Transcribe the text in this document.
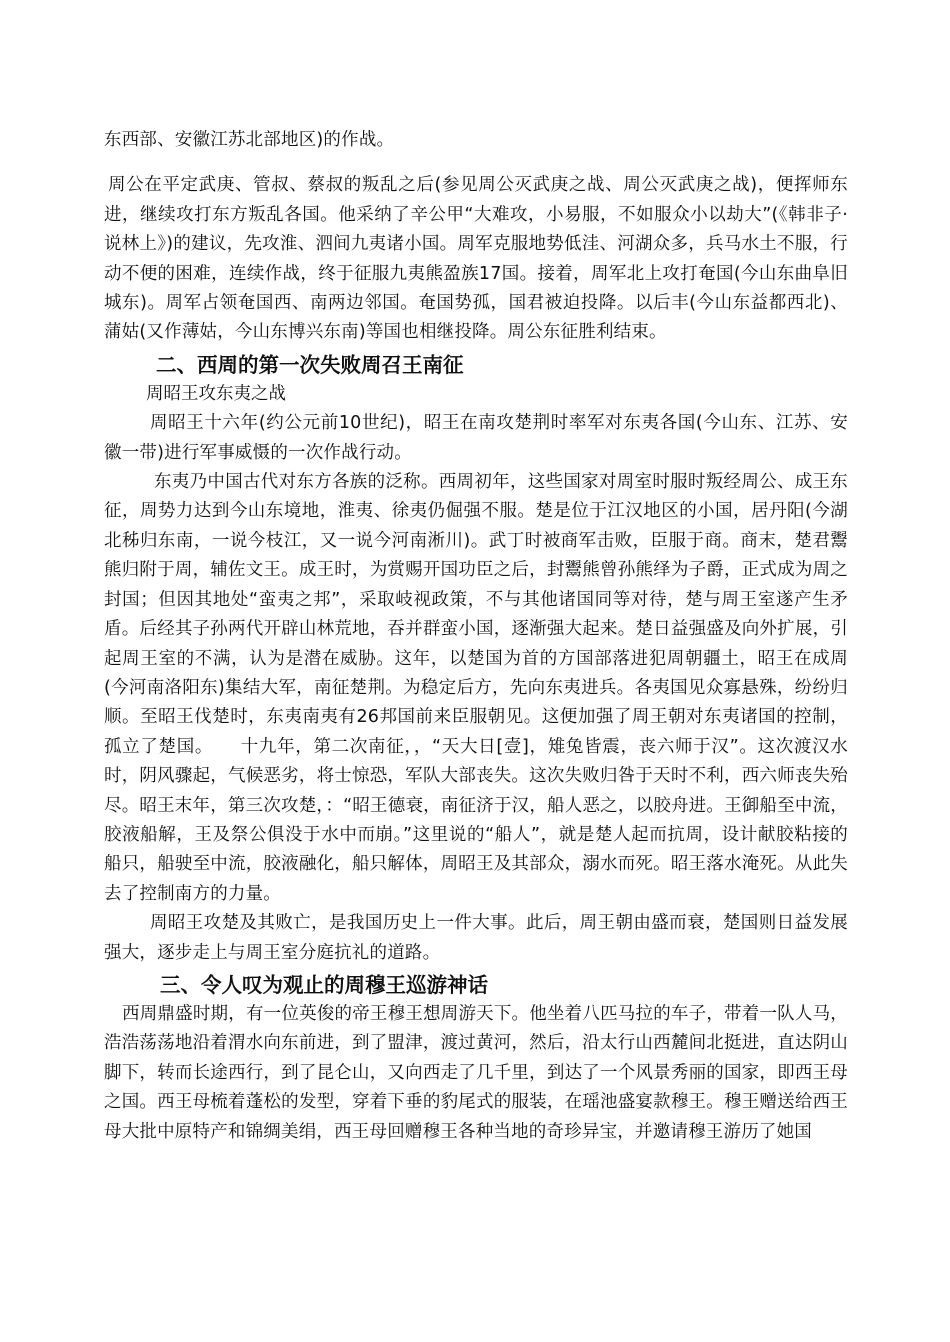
东西部、安徽江苏北部地区)的作战。

周公在平定武庚、管叔、蔡叔的叛乱之后(参见周公灭武庚之战、周公灭武庚之战)，便挥师东进，继续攻打东方叛乱各国。他采纳了辛公甲“大难攻，小易服，不如服众小以劫大”(《韩非子·说林上》)的建议，先攻淮、泗间九夷诸小国。周军克服地势低洼、河湖众多，兵马水土不服，行动不便的困难，连续作战，终于征服九夷熊盈族17国。接着，周军北上攻打奄国(今山东曲阜旧城东)。周军占领奄国西、南两边邻国。奄国势孤，国君被迫投降。以后丰(今山东益都西北)、蒲姑(又作薄姑，今山东博兴东南)等国也相继投降。周公东征胜利结束。

二、西周的第一次失败周召王南征

周昭王攻东夷之战

周昭王十六年(约公元前10世纪)，昭王在南攻楚荆时率军对东夷各国(今山东、江苏、安徽一带)进行军事威慑的一次作战行动。

东夷乃中国古代对东方各族的泛称。西周初年，这些国家对周室时服时叛经周公、成王东征，周势力达到今山东境地，淮夷、徐夷仍倔强不服。楚是位于江汉地区的小国，居丹阳(今湖北秭归东南，一说今枝江，又一说今河南淅川)。武丁时被商军击败，臣服于商。商末，楚君鬻熊归附于周，辅佐文王。成王时，为赏赐开国功臣之后，封鬻熊曾孙熊绎为子爵，正式成为周之封国；但因其地处“蛮夷之邦”，采取岐视政策，不与其他诸国同等对待，楚与周王室遂产生矛盾。后经其子孙两代开辟山林荒地，吞并群蛮小国，逐渐强大起来。楚日益强盛及向外扩展，引起周王室的不满，认为是潜在威胁。这年，以楚国为首的方国部落进犯周朝疆土，昭王在成周(今河南洛阳东)集结大军，南征楚荆。为稳定后方，先向东夷进兵。各夷国见众寡悬殊，纷纷归顺。至昭王伐楚时，东夷南夷有26邦国前来臣服朝见。这便加强了周王朝对东夷诸国的控制，孤立了楚国。　　十九年，第二次南征，，“天大日[壹]，雉兔皆震，丧六师于汉”。这次渡汉水时，阴风骤起，气候恶劣，将士惊恐，军队大部丧失。这次失败归咎于天时不利，西六师丧失殆尽。昭王末年，第三次攻楚，：“昭王德衰，南征济于汉，船人恶之，以胶舟进。王御船至中流，胶液船解，王及祭公俱没于水中而崩。”这里说的“船人”，就是楚人起而抗周，设计献胶粘接的船只，船驶至中流，胶液融化，船只解体，周昭王及其部众，溺水而死。昭王落水淹死。从此失去了控制南方的力量。

周昭王攻楚及其败亡，是我国历史上一件大事。此后，周王朝由盛而衰，楚国则日益发展强大，逐步走上与周王室分庭抗礼的道路。

三、令人叹为观止的周穆王巡游神话

西周鼎盛时期，有一位英俊的帝王穆王想周游天下。他坐着八匹马拉的车子，带着一队人马，浩浩荡荡地沿着渭水向东前进，到了盟津，渡过黄河，然后，沿太行山西麓间北挺进，直达阴山脚下，转而长途西行，到了昆仑山，又向西走了几千里，到达了一个风景秀丽的国家，即西王母之国。西王母梳着蓬松的发型，穿着下垂的豹尾式的服装，在瑶池盛宴款穆王。穆王赠送给西王母大批中原特产和锦绸美绢，西王母回赠穆王各种当地的奇珍异宝，并邀请穆王游历了她国
